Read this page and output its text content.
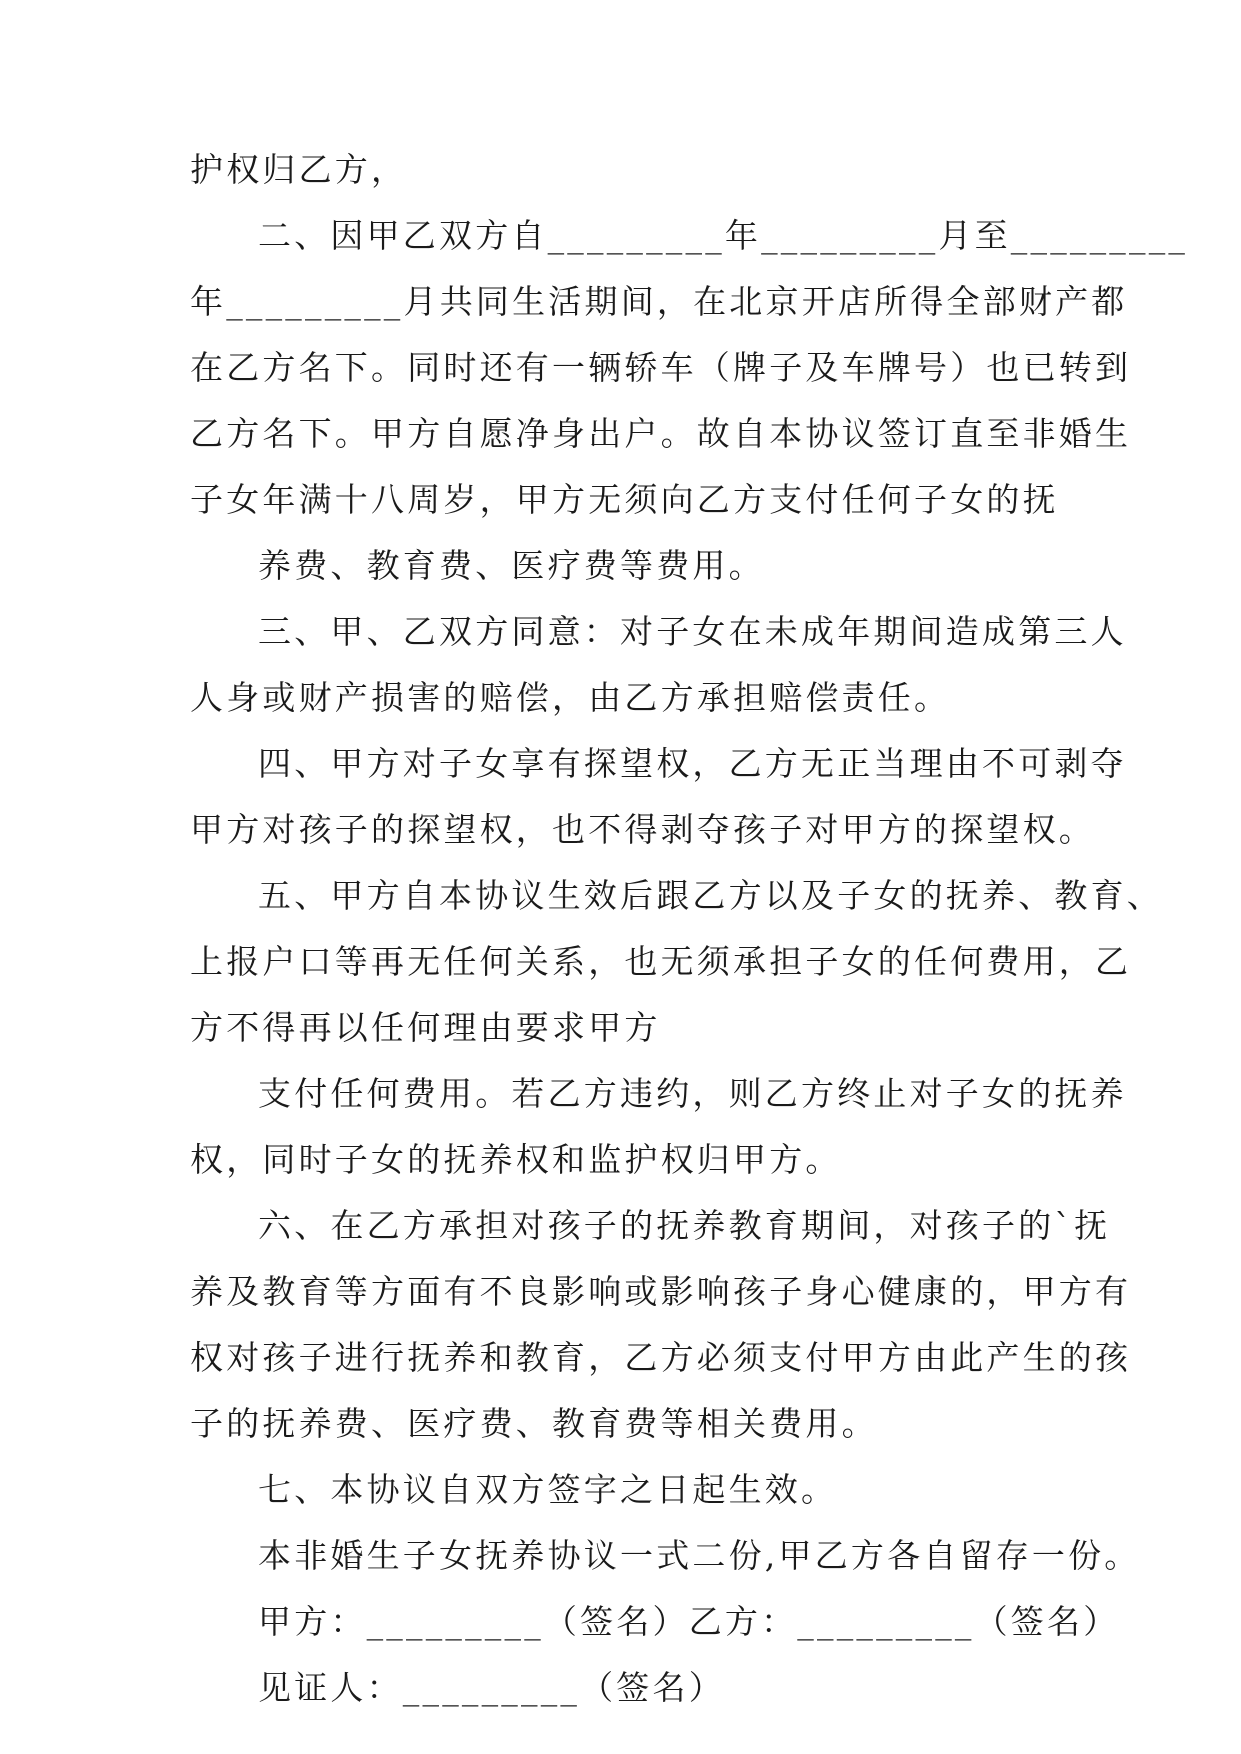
护权归乙方，
二、因甲乙双方自_________年_________月至_________
年_________月共同生活期间，在北京开店所得全部财产都
在乙方名下。同时还有一辆轿车（牌子及车牌号）也已转到
乙方名下。甲方自愿净身出户。故自本协议签订直至非婚生
子女年满十八周岁，甲方无须向乙方支付任何子女的抚
养费、教育费、医疗费等费用。
三、甲、乙双方同意：对子女在未成年期间造成第三人
人身或财产损害的赔偿，由乙方承担赔偿责任。
四、甲方对子女享有探望权，乙方无正当理由不可剥夺
甲方对孩子的探望权，也不得剥夺孩子对甲方的探望权。
五、甲方自本协议生效后跟乙方以及子女的抚养、教育、
上报户口等再无任何关系，也无须承担子女的任何费用，乙
方不得再以任何理由要求甲方
支付任何费用。若乙方违约，则乙方终止对子女的抚养
权，同时子女的抚养权和监护权归甲方。
六、在乙方承担对孩子的抚养教育期间，对孩子的`抚
养及教育等方面有不良影响或影响孩子身心健康的，甲方有
权对孩子进行抚养和教育，乙方必须支付甲方由此产生的孩
子的抚养费、医疗费、教育费等相关费用。
七、本协议自双方签字之日起生效。
本非婚生子女抚养协议一式二份,甲乙方各自留存一份。
甲方：_________（签名）乙方：_________（签名）
见证人：_________（签名）
